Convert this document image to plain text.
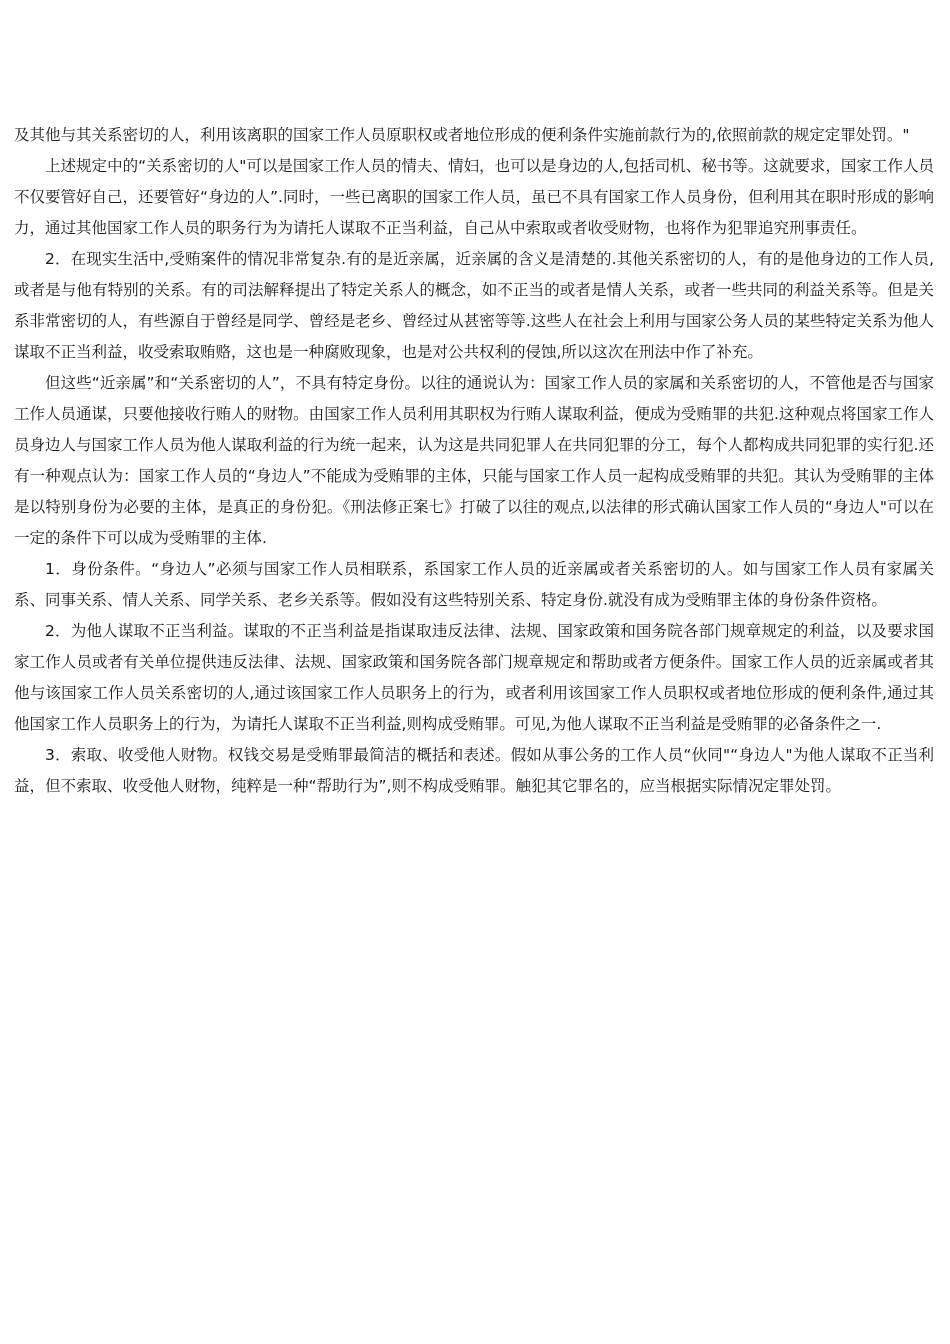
及其他与其关系密切的人，利用该离职的国家工作人员原职权或者地位形成的便利条件实施前款行为的,依照前款的规定定罪处罚。"

上述规定中的“关系密切的人"可以是国家工作人员的情夫、情妇，也可以是身边的人,包括司机、秘书等。这就要求，国家工作人员不仅要管好自己，还要管好“身边的人”.同时，一些已离职的国家工作人员，虽已不具有国家工作人员身份，但利用其在职时形成的影响力，通过其他国家工作人员的职务行为为请托人谋取不正当利益，自己从中索取或者收受财物，也将作为犯罪追究刑事责任。

2．在现实生活中,受贿案件的情况非常复杂.有的是近亲属，近亲属的含义是清楚的.其他关系密切的人，有的是他身边的工作人员,或者是与他有特别的关系。有的司法解释提出了特定关系人的概念，如不正当的或者是情人关系，或者一些共同的利益关系等。但是关系非常密切的人，有些源自于曾经是同学、曾经是老乡、曾经过从甚密等等.这些人在社会上利用与国家公务人员的某些特定关系为他人谋取不正当利益，收受索取贿赂，这也是一种腐败现象，也是对公共权利的侵蚀,所以这次在刑法中作了补充。

但这些“近亲属”和“关系密切的人”，不具有特定身份。以往的通说认为：国家工作人员的家属和关系密切的人，不管他是否与国家工作人员通谋，只要他接收行贿人的财物。由国家工作人员利用其职权为行贿人谋取利益，便成为受贿罪的共犯.这种观点将国家工作人员身边人与国家工作人员为他人谋取利益的行为统一起来，认为这是共同犯罪人在共同犯罪的分工，每个人都构成共同犯罪的实行犯.还有一种观点认为：国家工作人员的“身边人”不能成为受贿罪的主体，只能与国家工作人员一起构成受贿罪的共犯。其认为受贿罪的主体是以特别身份为必要的主体，是真正的身份犯。《刑法修正案七》打破了以往的观点,以法律的形式确认国家工作人员的“身边人"可以在一定的条件下可以成为受贿罪的主体.

1．身份条件。“身边人”必须与国家工作人员相联系，系国家工作人员的近亲属或者关系密切的人。如与国家工作人员有家属关系、同事关系、情人关系、同学关系、老乡关系等。假如没有这些特别关系、特定身份.就没有成为受贿罪主体的身份条件资格。

2．为他人谋取不正当利益。谋取的不正当利益是指谋取违反法律、法规、国家政策和国务院各部门规章规定的利益，以及要求国家工作人员或者有关单位提供违反法律、法规、国家政策和国务院各部门规章规定和帮助或者方便条件。国家工作人员的近亲属或者其他与该国家工作人员关系密切的人,通过该国家工作人员职务上的行为，或者利用该国家工作人员职权或者地位形成的便利条件,通过其他国家工作人员职务上的行为，为请托人谋取不正当利益,则构成受贿罪。可见,为他人谋取不正当利益是受贿罪的必备条件之一.

3．索取、收受他人财物。权钱交易是受贿罪最简洁的概括和表述。假如从事公务的工作人员“伙同"“身边人"为他人谋取不正当利益，但不索取、收受他人财物，纯粹是一种“帮助行为”,则不构成受贿罪。触犯其它罪名的，应当根据实际情况定罪处罚。
